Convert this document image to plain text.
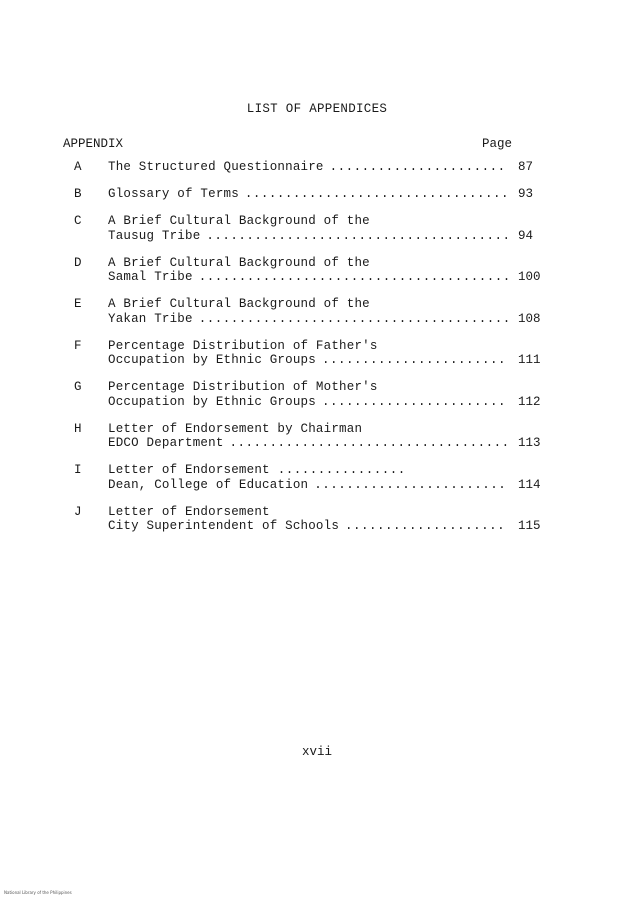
LIST OF APPENDICES
APPENDIX	Page
A	The Structured Questionnaire .....	87
B	Glossary of Terms .....	93
C	A Brief Cultural Background of the
Tausug Tribe .....	94
D	A Brief Cultural Background of the
Samal Tribe .....	100
E	A Brief Cultural Background of the
Yakan Tribe .....	108
F	Percentage Distribution of Father's
Occupation by Ethnic Groups .....	111
G	Percentage Distribution of Mother's
Occupation by Ethnic Groups .....	112
H	Letter of Endorsement by Chairman
EDCO Department .....	113
I	Letter of Endorsement ................
Dean, College of Education .....	114
J	Letter of Endorsement
City Superintendent of Schools .....	115
xvii
National Library of the Philippines
